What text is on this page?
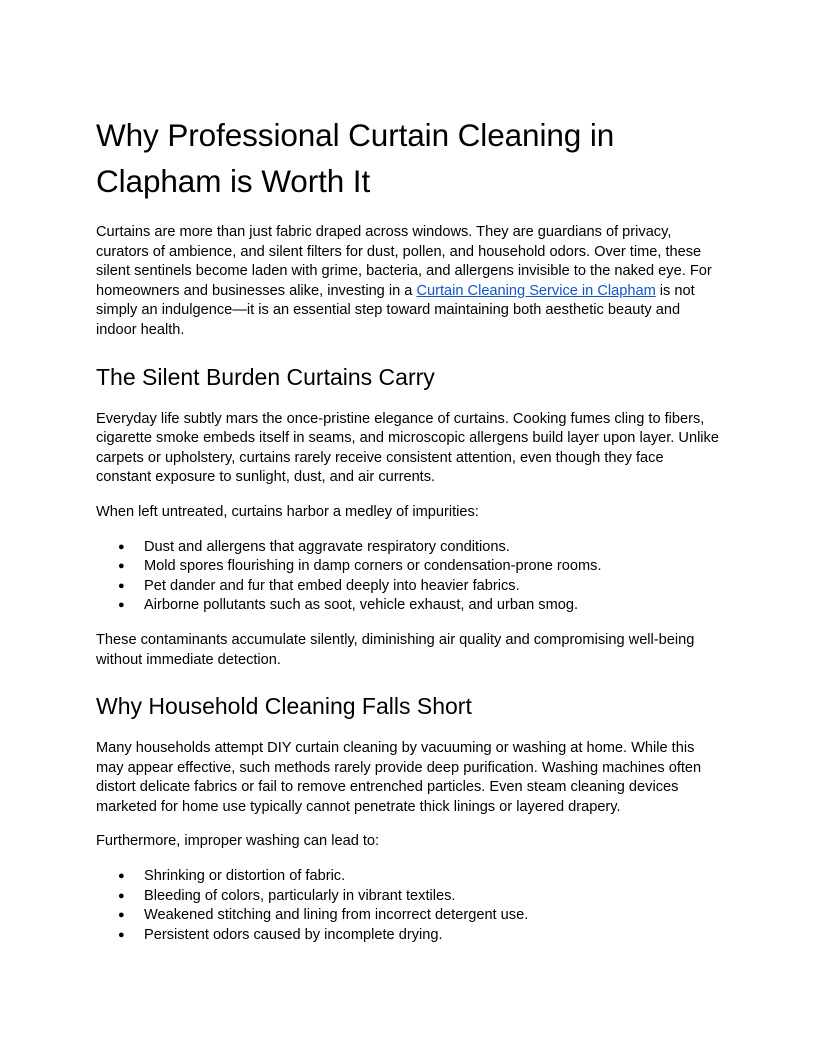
Why Professional Curtain Cleaning in Clapham is Worth It

Curtains are more than just fabric draped across windows. They are guardians of privacy, curators of ambience, and silent filters for dust, pollen, and household odors. Over time, these silent sentinels become laden with grime, bacteria, and allergens invisible to the naked eye. For homeowners and businesses alike, investing in a Curtain Cleaning Service in Clapham is not simply an indulgence—it is an essential step toward maintaining both aesthetic beauty and indoor health.

The Silent Burden Curtains Carry

Everyday life subtly mars the once-pristine elegance of curtains. Cooking fumes cling to fibers, cigarette smoke embeds itself in seams, and microscopic allergens build layer upon layer. Unlike carpets or upholstery, curtains rarely receive consistent attention, even though they face constant exposure to sunlight, dust, and air currents.

When left untreated, curtains harbor a medley of impurities:

● Dust and allergens that aggravate respiratory conditions.
● Mold spores flourishing in damp corners or condensation-prone rooms.
● Pet dander and fur that embed deeply into heavier fabrics.
● Airborne pollutants such as soot, vehicle exhaust, and urban smog.

These contaminants accumulate silently, diminishing air quality and compromising well-being without immediate detection.

Why Household Cleaning Falls Short

Many households attempt DIY curtain cleaning by vacuuming or washing at home. While this may appear effective, such methods rarely provide deep purification. Washing machines often distort delicate fabrics or fail to remove entrenched particles. Even steam cleaning devices marketed for home use typically cannot penetrate thick linings or layered drapery.

Furthermore, improper washing can lead to:

● Shrinking or distortion of fabric.
● Bleeding of colors, particularly in vibrant textiles.
● Weakened stitching and lining from incorrect detergent use.
● Persistent odors caused by incomplete drying.
